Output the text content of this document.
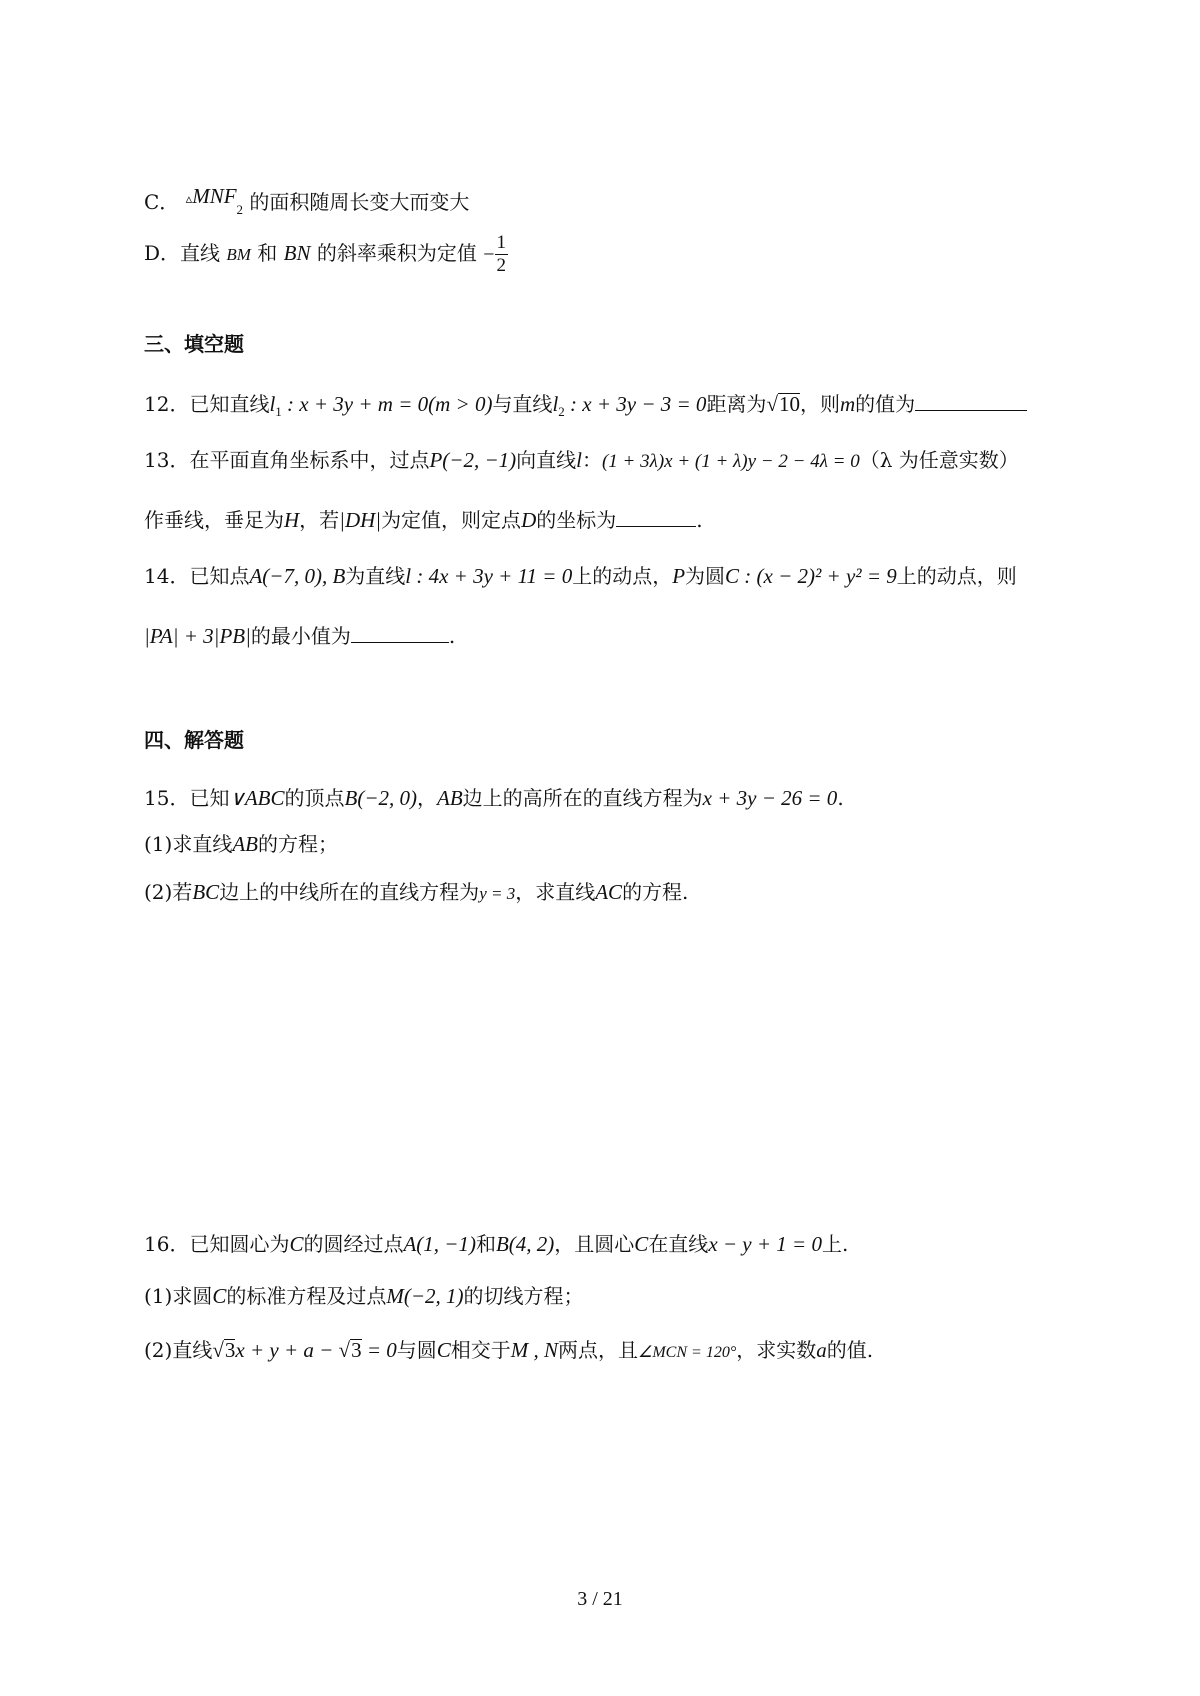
C． $^▵MNF_2$ 的面积随周长变大而变大
D．直线 BM 和 BN 的斜率乘积为定值 − $\frac{1}{2}$
三、填空题
12．已知直线$l_1$ : x + 3y + m = 0(m > 0)与直线$l_2$ : x + 3y − 3 = 0距离为√10，则m的值为
13．在平面直角坐标系中，过点P(−2, −1)向直线l：(1 + 3λ)x + (1 + λ)y − 2 − 4λ = 0（λ 为任意实数）
作垂线，垂足为H，若|DH|为定值，则定点D的坐标为	.
14．已知点A(−7, 0), B为直线l : 4x + 3y + 11 = 0上的动点，P为圆C : (x − 2)² + y² = 9上的动点，则
|PA| + 3|PB|的最小值为	.
四、解答题
15．已知∨ABC的顶点B(−2, 0)，AB边上的高所在的直线方程为x + 3y − 26 = 0.
(1)求直线AB的方程；
(2)若BC边上的中线所在的直线方程为y = 3，求直线AC的方程.
16．已知圆心为C的圆经过点A(1, −1)和B(4, 2)，且圆心C在直线x − y + 1 = 0上.
(1)求圆C的标准方程及过点M(−2, 1)的切线方程；
(2)直线√3x + y + a − √3 = 0与圆C相交于M , N两点，且∠MCN = 120°，求实数a的值.
3 / 21
